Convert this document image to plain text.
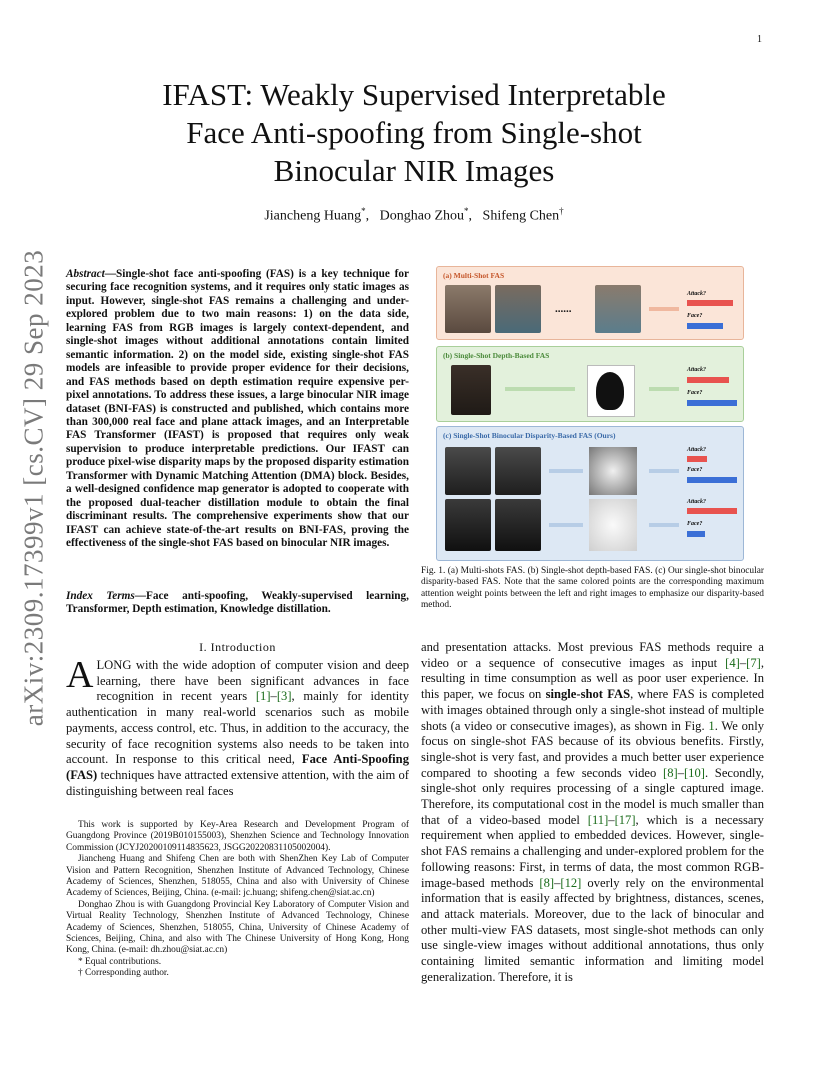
1
arXiv:2309.17399v1 [cs.CV] 29 Sep 2023
IFAST: Weakly Supervised Interpretable
Face Anti-spoofing from Single-shot
Binocular NIR Images
Jiancheng Huang*,   Donghao Zhou*,   Shifeng Chen†
Abstract—Single-shot face anti-spoofing (FAS) is a key technique for securing face recognition systems, and it requires only static images as input. However, single-shot FAS remains a challenging and under-explored problem due to two main reasons: 1) on the data side, learning FAS from RGB images is largely context-dependent, and single-shot images without additional annotations contain limited semantic information. 2) on the model side, existing single-shot FAS models are infeasible to provide proper evidence for their decisions, and FAS methods based on depth estimation require expensive per-pixel annotations. To address these issues, a large binocular NIR image dataset (BNI-FAS) is constructed and published, which contains more than 300,000 real face and plane attack images, and an Interpretable FAS Transformer (IFAST) is proposed that requires only weak supervision to produce interpretable predictions. Our IFAST can produce pixel-wise disparity maps by the proposed disparity estimation Transformer with Dynamic Matching Attention (DMA) block. Besides, a well-designed confidence map generator is adopted to cooperate with the proposed dual-teacher distillation module to obtain the final discriminant results. The comprehensive experiments show that our IFAST can achieve state-of-the-art results on BNI-FAS, proving the effectiveness of the single-shot FAS based on binocular NIR images.
Index Terms—Face anti-spoofing, Weakly-supervised learning, Transformer, Depth estimation, Knowledge distillation.
I. Introduction
ALONG with the wide adoption of computer vision and deep learning, there have been significant advances in face recognition in recent years [1]–[3], mainly for identity authentication in many real-world scenarios such as mobile payments, access control, etc. Thus, in addition to the accuracy, the security of face recognition systems also needs to be taken into account. In response to this critical need, Face Anti-Spoofing (FAS) techniques have attracted extensive attention, with the aim of distinguishing between real faces

This work is supported by Key-Area Research and Development Program of Guangdong Province (2019B010155003), Shenzhen Science and Technology Innovation Commission (JCYJ20200109114835623, JSGG20220831105002004).

Jiancheng Huang and Shifeng Chen are both with ShenZhen Key Lab of Computer Vision and Pattern Recognition, Shenzhen Institute of Advanced Technology, Chinese Academy of Sciences, Shenzhen, 518055, China and also with University of Chinese Academy of Sciences, Beijing, China. (e-mail: jc.huang; shifeng.chen@siat.ac.cn)

Donghao Zhou is with Guangdong Provincial Key Laboratory of Computer Vision and Virtual Reality Technology, Shenzhen Institute of Advanced Technology, Chinese Academy of Sciences, Shenzhen, 518055, China, University of Chinese Academy of Sciences, Beijing, China, and also with The Chinese University of Hong Kong, Hong Kong, China. (e-mail: dh.zhou@siat.ac.cn)

* Equal contributions.

† Corresponding author.

(a) Multi-Shot FAS
......
Attack?
Face?
(b) Single-Shot Depth-Based FAS
Attack?
Face?
(c) Single-Shot Binocular Disparity-Based FAS (Ours)
Attack?
Face?
Attack?
Face?
Fig. 1. (a) Multi-shots FAS. (b) Single-shot depth-based FAS. (c) Our single-shot binocular disparity-based FAS. Note that the same colored points are the corresponding maximum attention weight points between the left and right images to emphasize our disparity-based method.
and presentation attacks. Most previous FAS methods require a video or a sequence of consecutive images as input [4]–[7], resulting in time consumption as well as poor user experience. In this paper, we focus on single-shot FAS, where FAS is completed with images obtained through only a single-shot instead of multiple shots (a video or consecutive images), as shown in Fig. 1. We only focus on single-shot FAS because of its obvious benefits. Firstly, single-shot is very fast, and provides a much better user experience compared to shooting a few seconds video [8]–[10]. Secondly, single-shot only requires processing of a single captured image. Therefore, its computational cost in the model is much smaller than that of a video-based model [11]–[17], which is a necessary requirement when applied to embedded devices. However, single-shot FAS remains a challenging and under-explored problem for the following reasons: First, in terms of data, the most common RGB-image-based methods [8]–[12] overly rely on the environmental information that is easily affected by brightness, distances, scenes, and attack materials. Moreover, due to the lack of binocular and other multi-view FAS datasets, most single-shot methods can only use single-view images without additional annotations, thus only containing limited semantic information and limiting model generalization. Therefore, it is
